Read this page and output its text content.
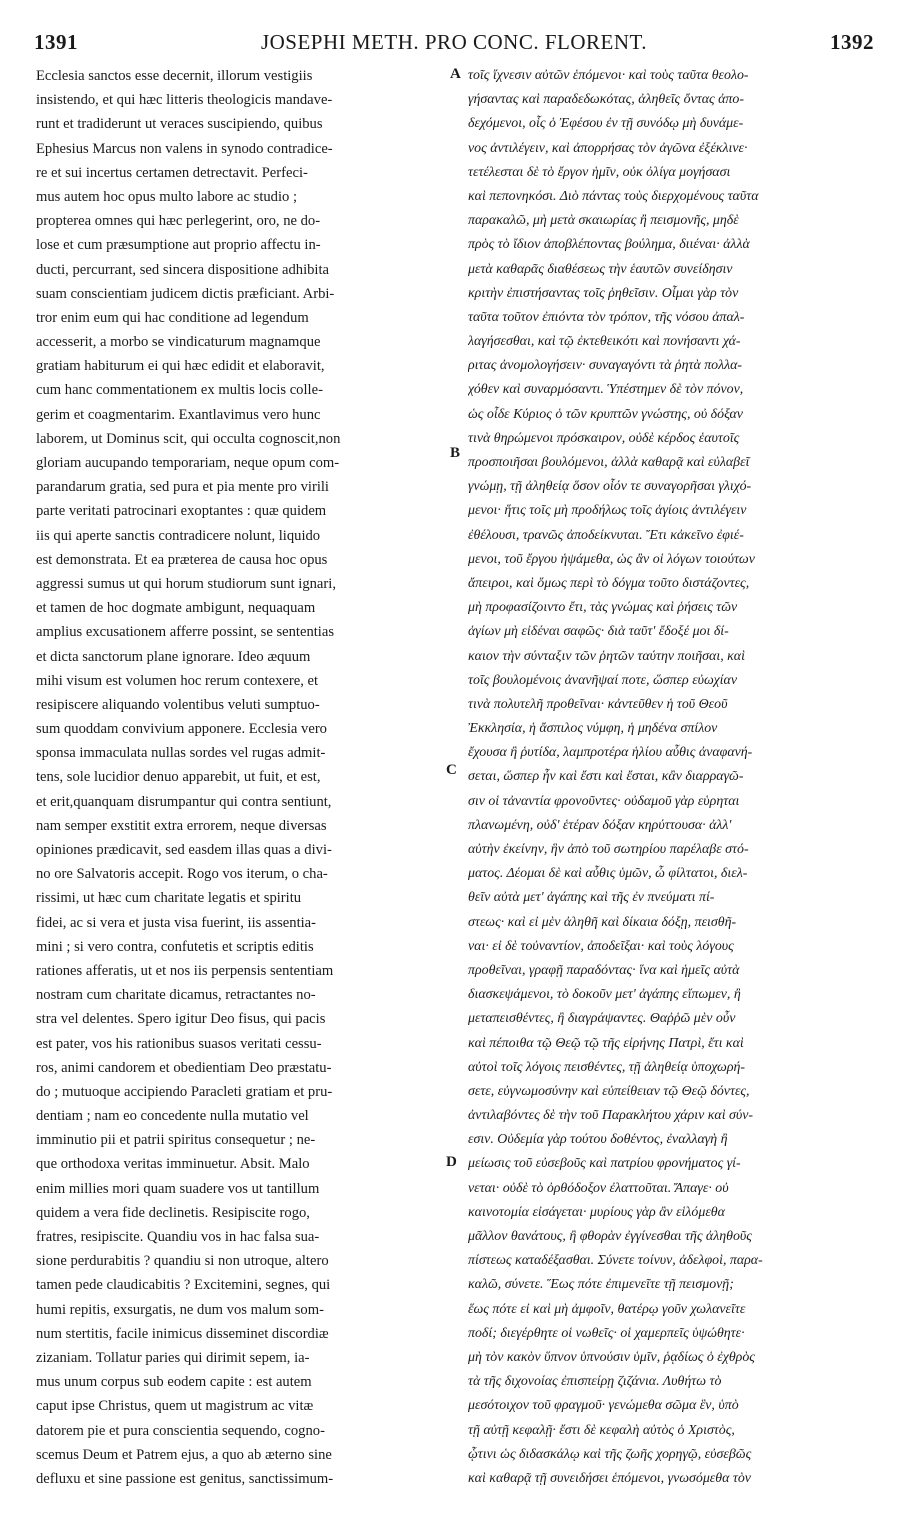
1391	JOSEPHI METH. PRO CONC. FLORENT.	1392
Ecclesia sanctos esse decernit, illorum vestigiis
insistendo, et qui hæc litteris theologicis mandave-
runt et tradiderunt ut veraces suscipiendo, quibus
Ephesius Marcus non valens in synodo contradice-
re et sui incertus certamen detrectavit. Perfeci-
mus autem hoc opus multo labore ac studio ;
propterea omnes qui hæc perlegerint, oro, ne do-
lose et cum præsumptione aut proprio affectu in-
ducti, percurrant, sed sincera dispositione adhibita
suam conscientiam judicem dictis præficiant. Arbi-
tror enim eum qui hac conditione ad legendum
accesserit, a morbo se vindicaturum magnamque
gratiam habiturum ei qui hæc edidit et elaboravit,
cum hanc commentationem ex multis locis colle-
gerim et coagmentarim. Exantlavimus vero hunc
laborem, ut Dominus scit, qui occulta cognoscit,non
gloriam aucupando temporariam, neque opum com-
parandarum gratia, sed pura et pia mente pro virili
parte veritati patrocinari exoptantes : quæ quidem
iis qui aperte sanctis contradicere nolunt, liquido
est demonstrata. Et ea præterea de causa hoc opus
aggressi sumus ut qui horum studiorum sunt ignari,
et tamen de hoc dogmate ambigunt, nequaquam
amplius excusationem afferre possint, se sententias
et dicta sanctorum plane ignorare. Ideo æquum
mihi visum est volumen hoc rerum contexere, et
resipiscere aliquando volentibus veluti sumptuo-
sum quoddam convivium apponere. Ecclesia vero
sponsa immaculata nullas sordes vel rugas admit-
tens, sole lucidior denuo apparebit, ut fuit, et est,
et erit,quanquam disrumpantur qui contra sentiunt,
nam semper exstitit extra errorem, neque diversas
opiniones prædicavit, sed easdem illas quas a divi-
no ore Salvatoris accepit. Rogo vos iterum, o cha-
rissimi, ut hæc cum charitate legatis et spiritu
fidei, ac si vera et justa visa fuerint, iis assentia-
mini ; si vero contra, confutetis et scriptis editis
rationes afferatis, ut et nos iis perpensis sententiam
nostram cum charitate dicamus, retractantes no-
stra vel delentes. Spero igitur Deo fisus, qui pacis
est pater, vos his rationibus suasos veritati cessu-
ros, animi candorem et obedientiam Deo præstatu-
do ; mutuoque accipiendo Paracleti gratiam et pru-
dentiam ; nam eo concedente nulla mutatio vel
imminutio pii et patrii spiritus consequetur ; ne-
que orthodoxa veritas imminuetur. Absit. Malo
enim millies mori quam suadere vos ut tantillum
quidem a vera fide declinetis. Resipiscite rogo,
fratres, resipiscite. Quandiu vos in hac falsa sua-
sione perdurabitis ? quandiu si non utroque, altero
tamen pede claudicabitis ? Excitemini, segnes, qui
humi repitis, exsurgatis, ne dum vos malum som-
num stertitis, facile inimicus disseminet discordiæ
zizaniam. Tollatur paries qui dirimit sepem, ia-
mus unum corpus sub eodem capite : est autem
caput ipse Christus, quem ut magistrum ac vitæ
datorem pie et pura conscientia sequendo, cogno-
scemus Deum et Patrem ejus, a quo ab æterno sine
defluxu et sine passione est genitus, sanctissimum-
A
B
C
D
τοῖς ἴχνεσιν αὐτῶν ἑπόμενοι· καὶ τοὺς ταῦτα θεολο-
γήσαντας καὶ παραδεδωκότας, ἀληθεῖς ὄντας ἀπο-
δεχόμενοι, οἷς ὁ Ἐφέσου ἐν τῇ συνόδῳ μὴ δυνάμε-
νος ἀντιλέγειν, καὶ ἀπορρήσας τὸν ἀγῶνα ἐξέκλινε·
τετέλεσται δὲ τὸ ἔργον ἡμῖν, οὐκ ὀλίγα μογήσασι
καὶ πεπονηκόσι. Διὸ πάντας τοὺς διερχομένους ταῦτα
παρακαλῶ, μὴ μετὰ σκαιωρίας ἢ πεισμονῆς, μηδὲ
πρὸς τὸ ἴδιον ἀποβλέποντας βούλημα, διιέναι· ἀλλὰ
μετὰ καθαρᾶς διαθέσεως τὴν ἑαυτῶν συνείδησιν
κριτὴν ἐπιστήσαντας τοῖς ῥηθεῖσιν. Οἶμαι γὰρ τὸν
ταῦτα τοῦτον ἐπιόντα τὸν τρόπον, τῆς νόσου ἀπαλ-
λαγήσεσθαι, καὶ τῷ ἐκτεθεικότι καὶ πονήσαντι χά-
ριτας ἀνομολογήσειν· συναγαγόντι τὰ ῥητὰ πολλα-
χόθεν καὶ συναρμόσαντι. Ὑπέστημεν δὲ τὸν πόνον,
ὡς οἶδε Κύριος ὁ τῶν κρυπτῶν γνώστης, οὐ δόξαν
τινὰ θηρώμενοι πρόσκαιρον, οὐδὲ κέρδος ἑαυτοῖς
προσποιῆσαι βουλόμενοι, ἀλλὰ καθαρᾷ καὶ εὐλαβεῖ
γνώμῃ, τῇ ἀληθείᾳ ὅσον οἷόν τε συναγορῆσαι γλιχό-
μενοι· ἥτις τοῖς μὴ προδήλως τοῖς ἁγίοις ἀντιλέγειν
ἐθέλουσι, τρανῶς ἀποδείκνυται. Ἔτι κἀκεῖνο ἐφιέ-
μενοι, τοῦ ἔργου ἡψάμεθα, ὡς ἂν οἱ λόγων τοιούτων
ἄπειροι, καὶ ὅμως περὶ τὸ δόγμα τοῦτο διστάζοντες,
μὴ προφασίζοιντο ἔτι, τὰς γνώμας καὶ ῥήσεις τῶν
ἁγίων μὴ εἰδέναι σαφῶς· διὰ ταῦτ' ἔδοξέ μοι δί-
καιον τὴν σύνταξιν τῶν ῥητῶν ταύτην ποιῆσαι, καὶ
τοῖς βουλομένοις ἀνανῆψαί ποτε, ὥσπερ εὐωχίαν
τινὰ πολυτελῆ προθεῖναι· κἀντεῦθεν ἡ τοῦ Θεοῦ
Ἐκκλησία, ἡ ἄσπιλος νύμφη, ἡ μηδένα σπίλον
ἔχουσα ἢ ῥυτίδα, λαμπροτέρα ἡλίου αὖθις ἀναφανή-
σεται, ὥσπερ ἦν καὶ ἔστι καὶ ἔσται, κἂν διαρραγῶ-
σιν οἱ τἀναντία φρονοῦντες· οὐδαμοῦ γὰρ εὑρηται
πλανωμένη, οὐδ' ἑτέραν δόξαν κηρύττουσα· ἀλλ'
αὐτὴν ἐκείνην, ἣν ἀπὸ τοῦ σωτηρίου παρέλαβε στό-
ματος. Δέομαι δὲ καὶ αὖθις ὑμῶν, ὦ φίλτατοι, διελ-
θεῖν αὐτὰ μετ' ἀγάπης καὶ τῆς ἐν πνεύματι πί-
στεως· καὶ εἰ μὲν ἀληθῆ καὶ δίκαια δόξῃ, πεισθῆ-
ναι· εἰ δὲ τοὐναντίον, ἀποδεῖξαι· καὶ τοὺς λόγους
προθεῖναι, γραφῇ παραδόντας· ἵνα καὶ ἡμεῖς αὐτὰ
διασκεψάμενοι, τὸ δοκοῦν μετ' ἀγάπης εἴπωμεν, ἢ
μεταπεισθέντες, ἢ διαγράψαντες. Θαῤῥῶ μὲν οὖν
καὶ πέποιθα τῷ Θεῷ τῷ τῆς εἰρήνης Πατρὶ, ἔτι καὶ
αὐτοὶ τοῖς λόγοις πεισθέντες, τῇ ἀληθείᾳ ὑποχωρή-
σετε, εὐγνωμοσύνην καὶ εὐπείθειαν τῷ Θεῷ δόντες,
ἀντιλαβόντες δὲ τὴν τοῦ Παρακλήτου χάριν καὶ σύν-
εσιν. Οὐδεμία γὰρ τούτου δοθέντος, ἐναλλαγὴ ἢ
μείωσις τοῦ εὐσεβοῦς καὶ πατρίου φρονήματος γί-
νεται· οὐδὲ τὸ ὀρθόδοξον ἐλαττοῦται. Ἄπαγε· οὐ
καινοτομία εἰσάγεται· μυρίους γὰρ ἂν εἱλόμεθα
μᾶλλον θανάτους, ἢ φθορὰν ἐγγίνεσθαι τῆς ἀληθοῦς
πίστεως καταδέξασθαι. Σύνετε τοίνυν, ἀδελφοὶ, παρα-
καλῶ, σύνετε. Ἕως πότε ἐπιμενεῖτε τῇ πεισμονῇ;
ἕως πότε εἰ καὶ μὴ ἀμφοῖν, θατέρῳ γοῦν χωλανεῖτε
ποδί; διεγέρθητε οἱ νωθεῖς· οἱ χαμερπεῖς ὑψώθητε·
μὴ τὸν κακὸν ὕπνον ὑπνούσιν ὑμῖν, ῥᾳδίως ὁ ἐχθρὸς
τὰ τῆς διχονοίας ἐπισπείρῃ ζιζάνια. Λυθήτω τὸ
μεσότοιχον τοῦ φραγμοῦ· γενώμεθα σῶμα ἓν, ὑπὸ
τῇ αὐτῇ κεφαλῇ· ἔστι δὲ κεφαλὴ αὐτὸς ὁ Χριστὸς,
ᾧτινι ὡς διδασκάλῳ καὶ τῆς ζωῆς χορηγῷ, εὐσεβῶς
καὶ καθαρᾷ τῇ συνειδήσει ἑπόμενοι, γνωσόμεθα τὸν
